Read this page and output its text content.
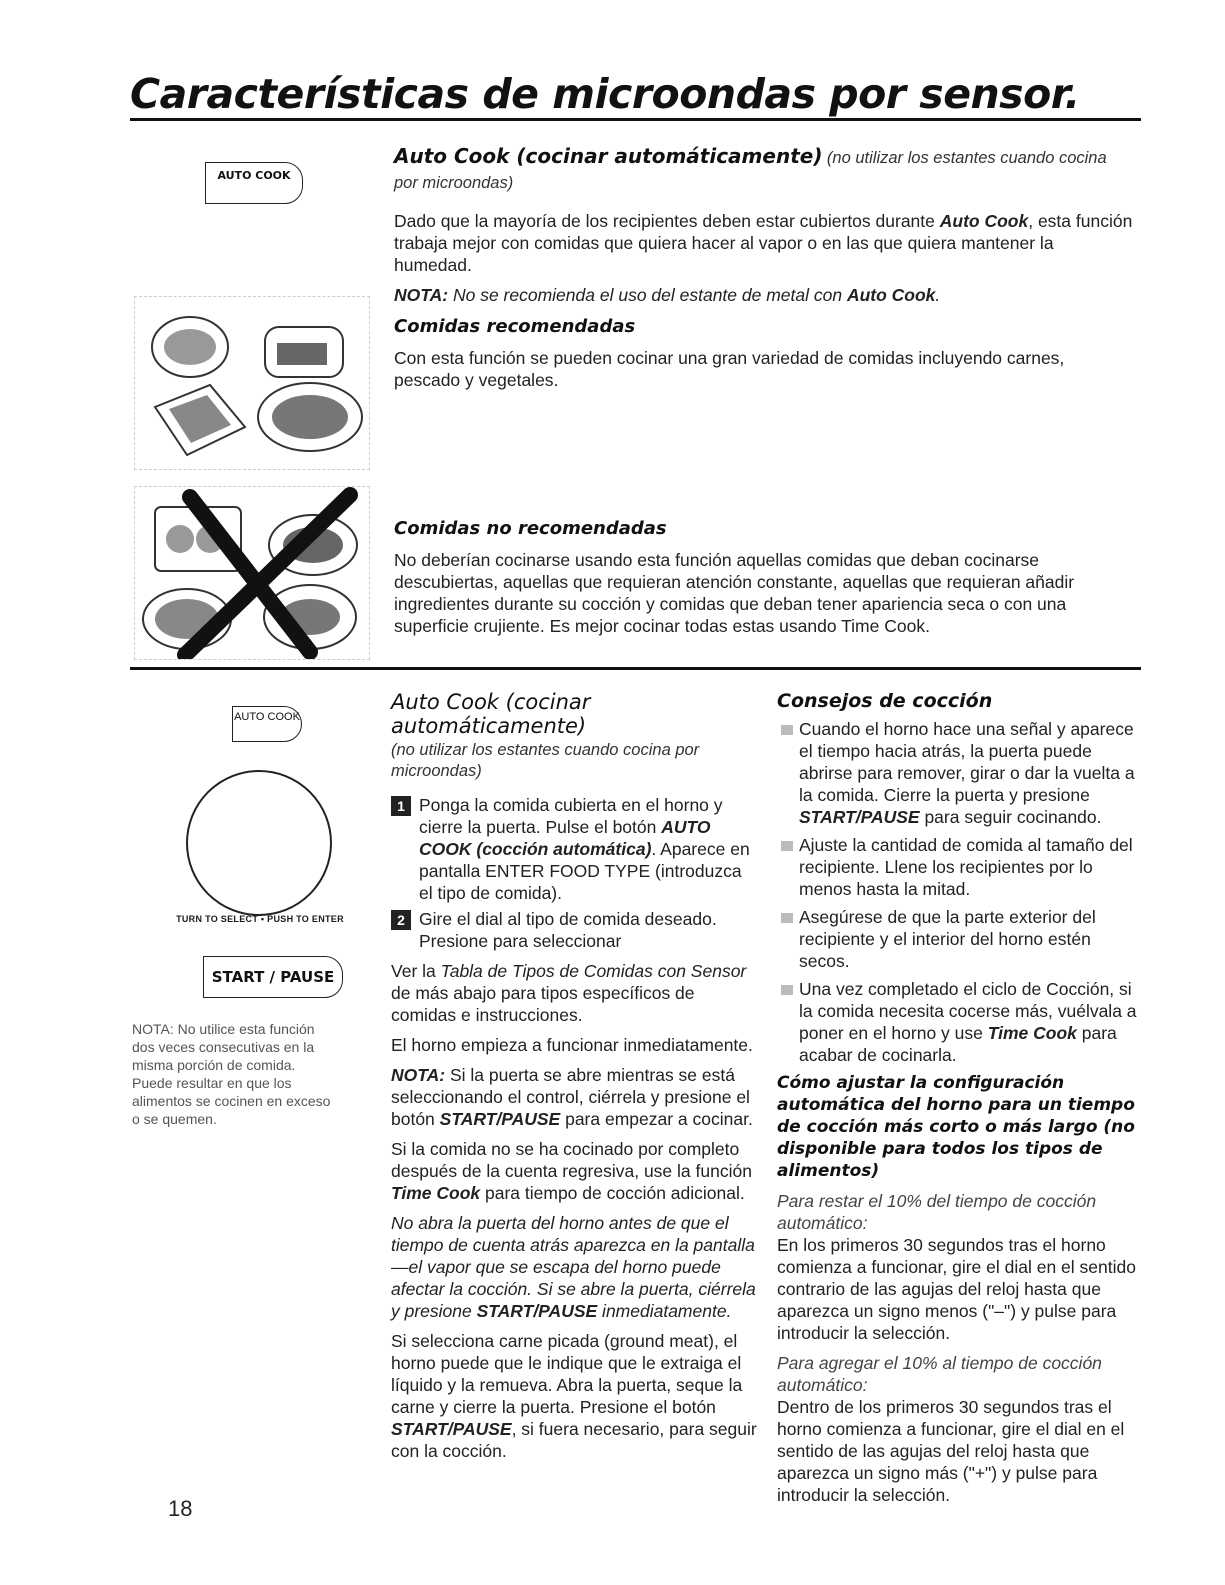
Características de microondas por sensor.
AUTO COOK
Auto Cook (cocinar automáticamente) (no utilizar los estantes cuando cocina por microondas)
Dado que la mayoría de los recipientes deben estar cubiertos durante Auto Cook, esta función trabaja mejor con comidas que quiera hacer al vapor o en las que quiera mantener la humedad.
NOTA: No se recomienda el uso del estante de metal con Auto Cook.
Comidas recomendadas
Con esta función se pueden cocinar una gran variedad de comidas incluyendo carnes, pescado y vegetales.
Comidas no recomendadas
No deberían cocinarse usando esta función aquellas comidas que deban cocinarse descubiertas, aquellas que requieran atención constante, aquellas que requieran añadir ingredientes durante su cocción y comidas que deban tener apariencia seca o con una superficie crujiente. Es mejor cocinar todas estas usando Time Cook.
AUTO COOK
TURN TO SELECT • PUSH TO ENTER
START / PAUSE
NOTA: No utilice esta función dos veces consecutivas en la misma porción de comida. Puede resultar en que los alimentos se cocinen en exceso o se quemen.
18
Auto Cook (cocinar automáticamente)
(no utilizar los estantes cuando cocina por microondas)
1 Ponga la comida cubierta en el horno y cierre la puerta. Pulse el botón AUTO COOK (cocción automática). Aparece en pantalla ENTER FOOD TYPE (introduzca el tipo de comida).
2 Gire el dial al tipo de comida deseado. Presione para seleccionar
Ver la Tabla de Tipos de Comidas con Sensor de más abajo para tipos específicos de comidas e instrucciones.
El horno empieza a funcionar inmediatamente.
NOTA: Si la puerta se abre mientras se está seleccionando el control, ciérrela y presione el botón START/PAUSE para empezar a cocinar.
Si la comida no se ha cocinado por completo después de la cuenta regresiva, use la función Time Cook para tiempo de cocción adicional.
No abra la puerta del horno antes de que el tiempo de cuenta atrás aparezca en la pantalla—el vapor que se escapa del horno puede afectar la cocción. Si se abre la puerta, ciérrela y presione START/PAUSE inmediatamente.
Si selecciona carne picada (ground meat), el horno puede que le indique que le extraiga el líquido y la remueva. Abra la puerta, seque la carne y cierre la puerta. Presione el botón START/PAUSE, si fuera necesario, para seguir con la cocción.
Consejos de cocción
Cuando el horno hace una señal y aparece el tiempo hacia atrás, la puerta puede abrirse para remover, girar o dar la vuelta a la comida. Cierre la puerta y presione START/PAUSE para seguir cocinando.
Ajuste la cantidad de comida al tamaño del recipiente. Llene los recipientes por lo menos hasta la mitad.
Asegúrese de que la parte exterior del recipiente y el interior del horno estén secos.
Una vez completado el ciclo de Cocción, si la comida necesita cocerse más, vuélvala a poner en el horno y use Time Cook para acabar de cocinarla.
Cómo ajustar la configuración automática del horno para un tiempo de cocción más corto o más largo (no disponible para todos los tipos de alimentos)
Para restar el 10% del tiempo de cocción automático:
En los primeros 30 segundos tras el horno comienza a funcionar, gire el dial en el sentido contrario de las agujas del reloj hasta que aparezca un signo menos ("–") y pulse para introducir la selección.
Para agregar el 10% al tiempo de cocción automático:
Dentro de los primeros 30 segundos tras el horno comienza a funcionar, gire el dial en el sentido de las agujas del reloj hasta que aparezca un signo más ("+") y pulse para introducir la selección.
